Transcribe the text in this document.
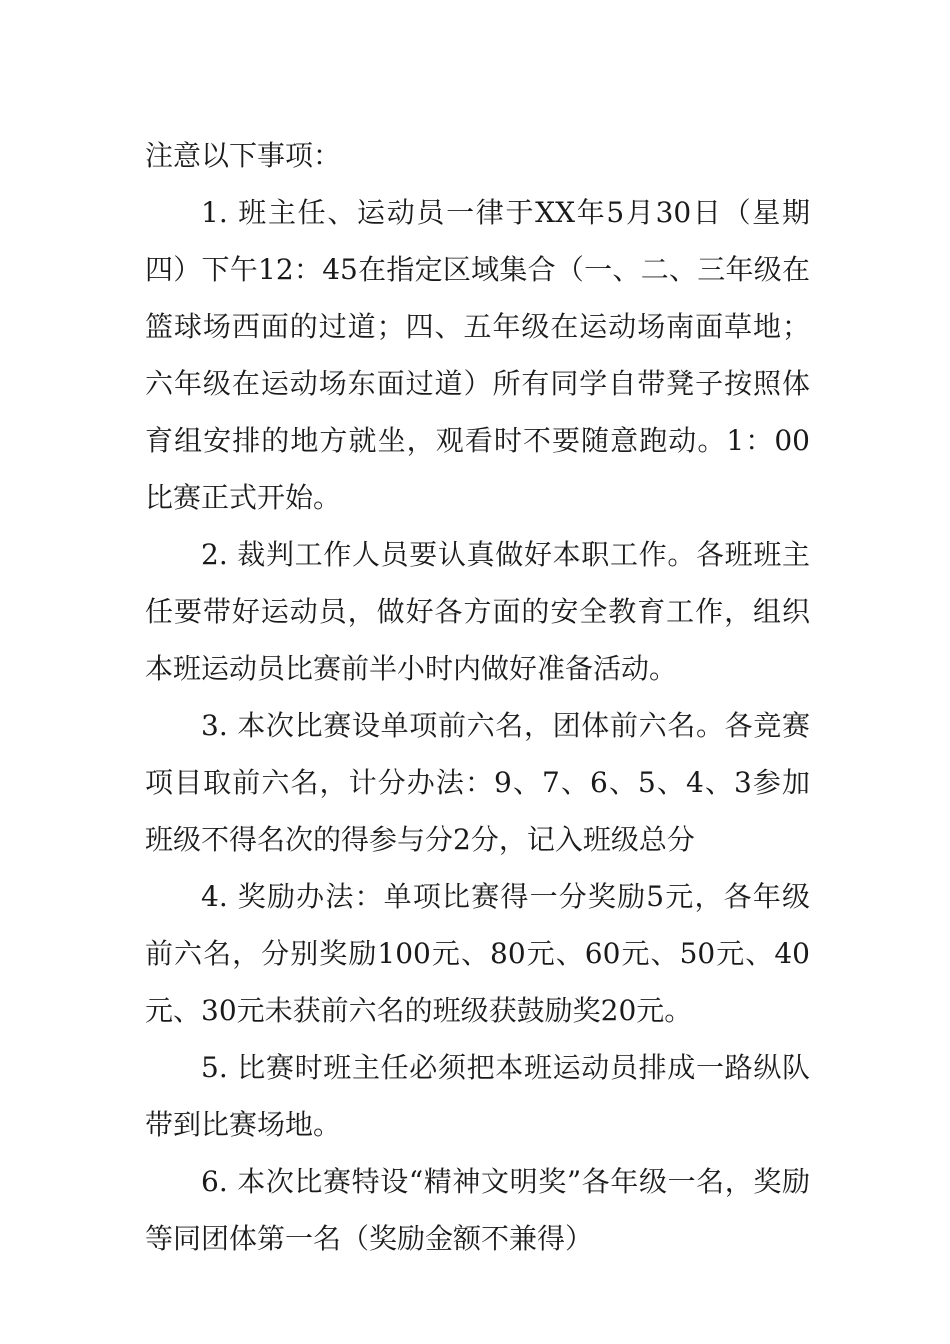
注意以下事项：

1. 班主任、运动员一律于XX年5月30日（星期四）下午12：45在指定区域集合（一、二、三年级在篮球场西面的过道；四、五年级在运动场南面草地；六年级在运动场东面过道）所有同学自带凳子按照体育组安排的地方就坐，观看时不要随意跑动。1：00比赛正式开始。

2. 裁判工作人员要认真做好本职工作。各班班主任要带好运动员，做好各方面的安全教育工作，组织本班运动员比赛前半小时内做好准备活动。

3. 本次比赛设单项前六名，团体前六名。各竞赛项目取前六名，计分办法：9、7、6、5、4、3参加班级不得名次的得参与分2分，记入班级总分

4. 奖励办法：单项比赛得一分奖励5元，各年级前六名，分别奖励100元、80元、60元、50元、40元、30元未获前六名的班级获鼓励奖20元。

5. 比赛时班主任必须把本班运动员排成一路纵队带到比赛场地。

6. 本次比赛特设“精神文明奖”各年级一名，奖励等同团体第一名（奖励金额不兼得）
